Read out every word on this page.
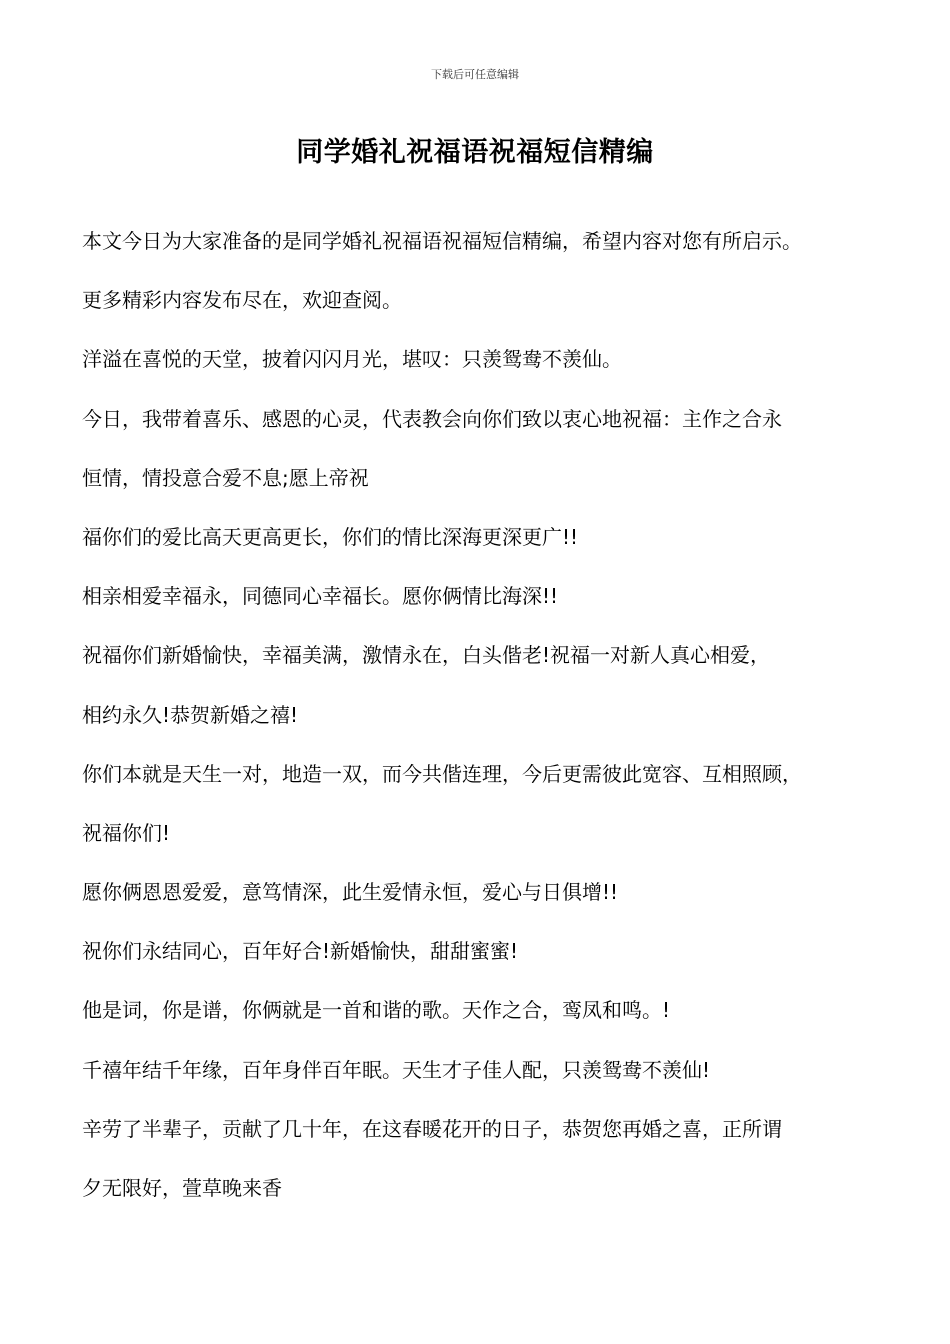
下载后可任意编辑
同学婚礼祝福语祝福短信精编
本文今日为大家准备的是同学婚礼祝福语祝福短信精编，希望内容对您有所启示。
更多精彩内容发布尽在，欢迎查阅。
洋溢在喜悦的天堂，披着闪闪月光，堪叹：只羡鸳鸯不羡仙。
今日，我带着喜乐、感恩的心灵，代表教会向你们致以衷心地祝福：主作之合永
恒情，情投意合爱不息;愿上帝祝
福你们的爱比高天更高更长，你们的情比深海更深更广!!
相亲相爱幸福永，同德同心幸福长。愿你俩情比海深!!
祝福你们新婚愉快，幸福美满，激情永在，白头偕老!祝福一对新人真心相爱，
相约永久!恭贺新婚之禧!
你们本就是天生一对，地造一双，而今共偕连理，今后更需彼此宽容、互相照顾，
祝福你们!
愿你俩恩恩爱爱，意笃情深，此生爱情永恒，爱心与日俱增!!
祝你们永结同心，百年好合!新婚愉快，甜甜蜜蜜!
他是词，你是谱，你俩就是一首和谐的歌。天作之合，鸾凤和鸣。!
千禧年结千年缘，百年身伴百年眠。天生才子佳人配，只羡鸳鸯不羡仙!
辛劳了半辈子，贡献了几十年，在这春暖花开的日子，恭贺您再婚之喜，正所谓
夕无限好，萱草晚来香
